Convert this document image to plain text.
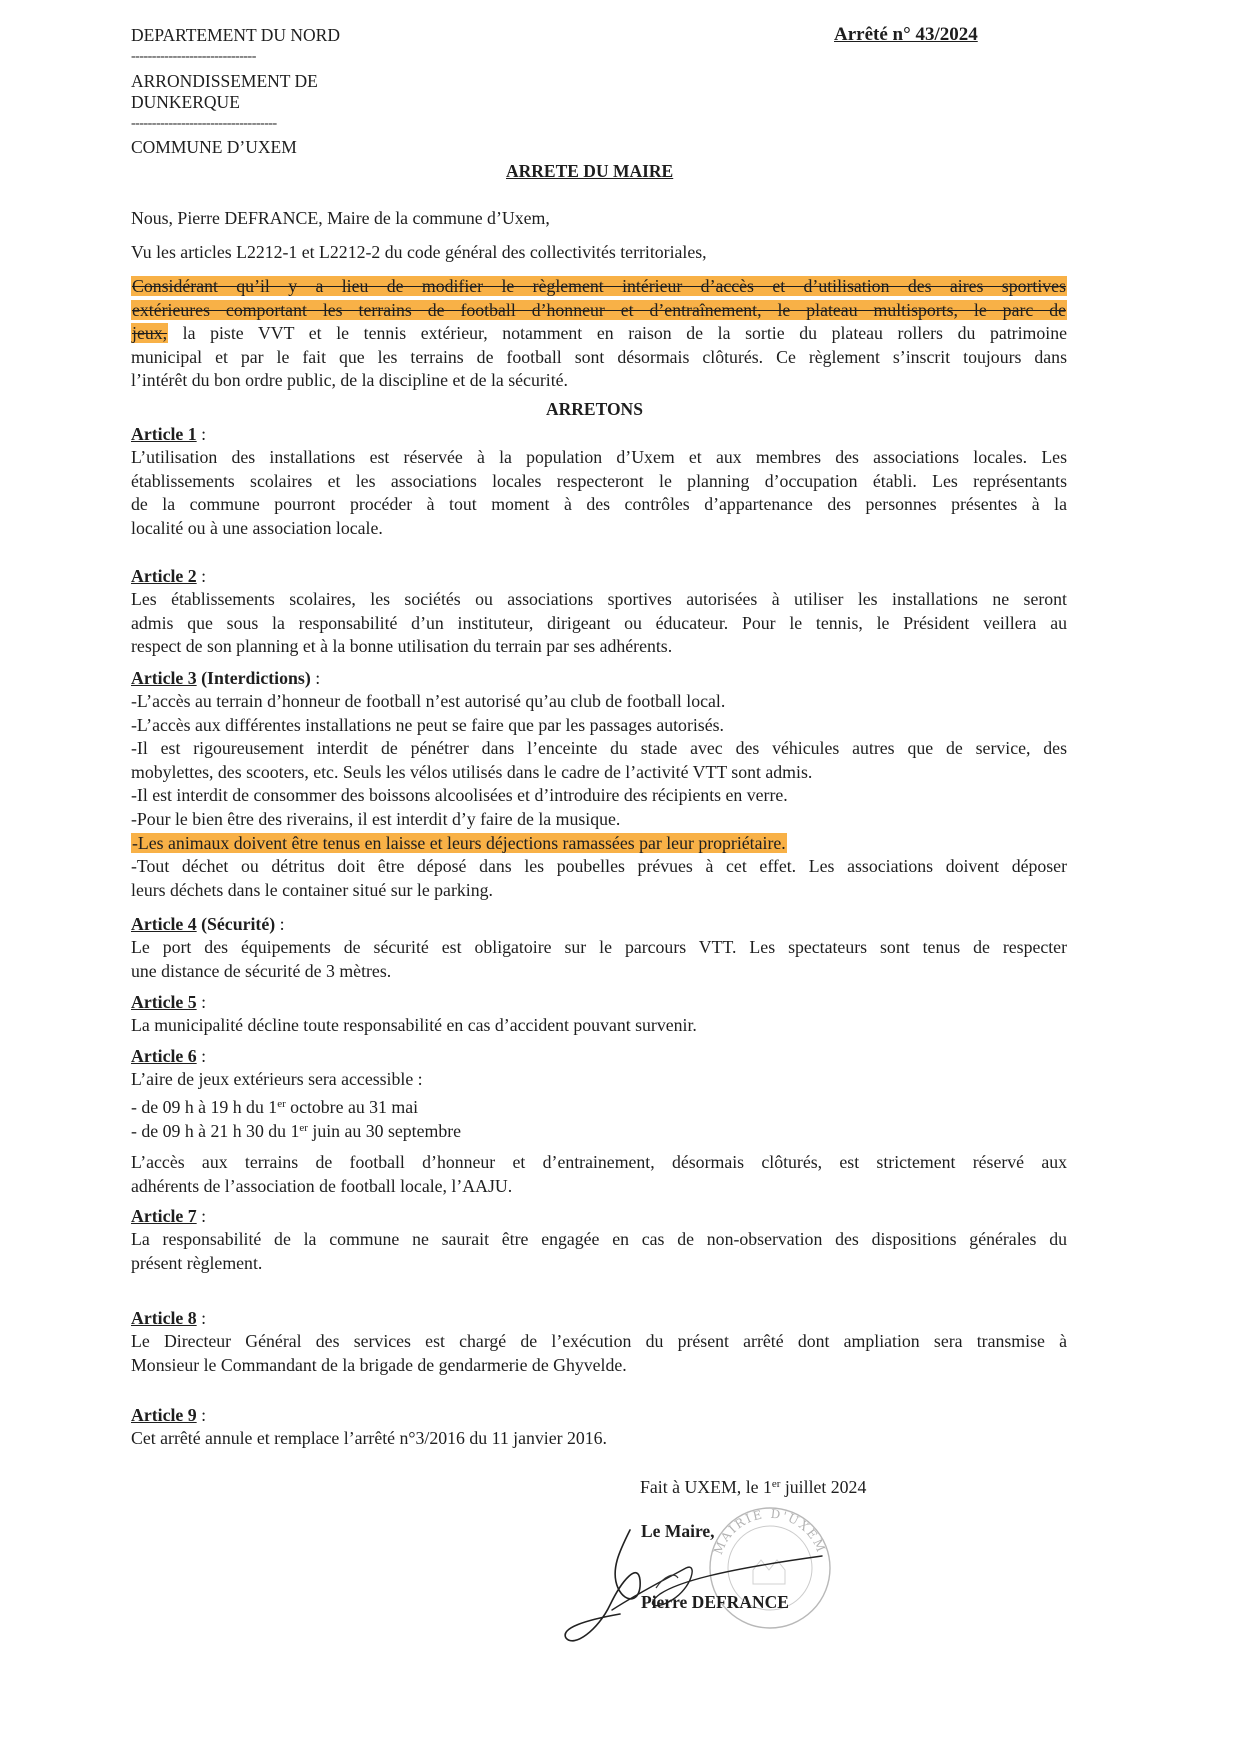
DEPARTEMENT DU NORD
------------------------------
ARRONDISSEMENT DE
DUNKERQUE
-----------------------------------
COMMUNE D’UXEM
Arrêté n° 43/2024
ARRETE DU MAIRE
Nous, Pierre DEFRANCE, Maire de la commune d’Uxem,
Vu les articles L2212-1 et L2212-2 du code général des collectivités territoriales,
Considérant qu’il y a lieu de modifier le règlement intérieur d’accès et d’utilisation des aires sportives
extérieures comportant les terrains de football d’honneur et d’entraînement, le plateau multisports, le parc de
jeux, la piste VVT et le tennis extérieur, notamment en raison de la sortie du plateau rollers du patrimoine
municipal et par le fait que les terrains de football sont désormais clôturés. Ce règlement s’inscrit toujours dans
l’intérêt du bon ordre public, de la discipline et de la sécurité.
ARRETONS
Article 1 :
L’utilisation des installations est réservée à la population d’Uxem et aux membres des associations locales. Les
établissements scolaires et les associations locales respecteront le planning d’occupation établi. Les représentants
de la commune pourront procéder à tout moment à des contrôles d’appartenance des personnes présentes à la
localité ou à une association locale.
Article 2 :
Les établissements scolaires, les sociétés ou associations sportives autorisées à utiliser les installations ne seront
admis que sous la responsabilité d’un instituteur, dirigeant ou éducateur. Pour le tennis, le Président veillera au
respect de son planning et à la bonne utilisation du terrain par ses adhérents.
Article 3 (Interdictions) :
-L’accès au terrain d’honneur de football n’est autorisé qu’au club de football local.
-L’accès aux différentes installations ne peut se faire que par les passages autorisés.
-Il est rigoureusement interdit de pénétrer dans l’enceinte du stade avec des véhicules autres que de service, des
mobylettes, des scooters, etc. Seuls les vélos utilisés dans le cadre de l’activité VTT sont admis.
-Il est interdit de consommer des boissons alcoolisées et d’introduire des récipients en verre.
-Pour le bien être des riverains, il est interdit d’y faire de la musique.
-Les animaux doivent être tenus en laisse et leurs déjections ramassées par leur propriétaire.
-Tout déchet ou détritus doit être déposé dans les poubelles prévues à cet effet. Les associations doivent déposer
leurs déchets dans le container situé sur le parking.
Article 4 (Sécurité) :
Le port des équipements de sécurité est obligatoire sur le parcours VTT. Les spectateurs sont tenus de respecter
une distance de sécurité de 3 mètres.
Article 5 :
La municipalité décline toute responsabilité en cas d’accident pouvant survenir.
Article 6 :
L’aire de jeux extérieurs sera accessible :
- de 09 h à 19 h du 1er octobre au 31 mai
- de 09 h à 21 h 30 du 1er juin au 30 septembre
L’accès aux terrains de football d’honneur et d’entrainement, désormais clôturés, est strictement réservé aux
adhérents de l’association de football locale, l’AAJU.
Article 7 :
La responsabilité de la commune ne saurait être engagée en cas de non-observation des dispositions générales du
présent règlement.
Article 8 :
Le Directeur Général des services est chargé de l’exécution du présent arrêté dont ampliation sera transmise à
Monsieur le Commandant de la brigade de gendarmerie de Ghyvelde.
Article 9 :
Cet arrêté annule et remplace l’arrêté n°3/2016 du 11 janvier 2016.
Fait à UXEM, le 1er juillet 2024
MAIRIE D'UXEM
Le Maire,
Pierre DEFRANCE
